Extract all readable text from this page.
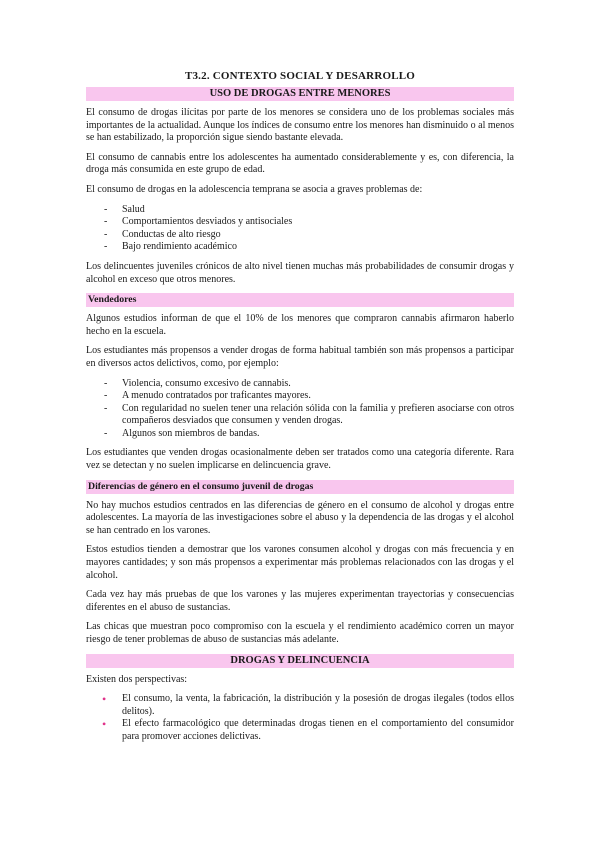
T3.2. CONTEXTO SOCIAL Y DESARROLLO
USO DE DROGAS ENTRE MENORES

El consumo de drogas ilícitas por parte de los menores se considera uno de los problemas sociales más importantes de la actualidad. Aunque los índices de consumo entre los menores han disminuido o al menos se han estabilizado, la proporción sigue siendo bastante elevada.

El consumo de cannabis entre los adolescentes ha aumentado considerablemente y es, con diferencia, la droga más consumida en este grupo de edad.

El consumo de drogas en la adolescencia temprana se asocia a graves problemas de:

- Salud
- Comportamientos desviados y antisociales
- Conductas de alto riesgo
- Bajo rendimiento académico

Los delincuentes juveniles crónicos de alto nivel tienen muchas más probabilidades de consumir drogas y alcohol en exceso que otros menores.

Vendedores

Algunos estudios informan de que el 10% de los menores que compraron cannabis afirmaron haberlo hecho en la escuela.

Los estudiantes más propensos a vender drogas de forma habitual también son más propensos a participar en diversos actos delictivos, como, por ejemplo:

- Violencia, consumo excesivo de cannabis.
- A menudo contratados por traficantes mayores.
- Con regularidad no suelen tener una relación sólida con la familia y prefieren asociarse con otros compañeros desviados que consumen y venden drogas.
- Algunos son miembros de bandas.

Los estudiantes que venden drogas ocasionalmente deben ser tratados como una categoría diferente. Rara vez se detectan y no suelen implicarse en delincuencia grave.

Diferencias de género en el consumo juvenil de drogas

No hay muchos estudios centrados en las diferencias de género en el consumo de alcohol y drogas entre adolescentes. La mayoría de las investigaciones sobre el abuso y la dependencia de las drogas y el alcohol se han centrado en los varones.

Estos estudios tienden a demostrar que los varones consumen alcohol y drogas con más frecuencia y en mayores cantidades; y son más propensos a experimentar más problemas relacionados con las drogas y el alcohol.

Cada vez hay más pruebas de que los varones y las mujeres experimentan trayectorias y consecuencias diferentes en el abuso de sustancias.

Las chicas que muestran poco compromiso con la escuela y el rendimiento académico corren un mayor riesgo de tener problemas de abuso de sustancias más adelante.

DROGAS Y DELINCUENCIA

Existen dos perspectivas:

• El consumo, la venta, la fabricación, la distribución y la posesión de drogas ilegales (todos ellos delitos).
• El efecto farmacológico que determinadas drogas tienen en el comportamiento del consumidor para promover acciones delictivas.
